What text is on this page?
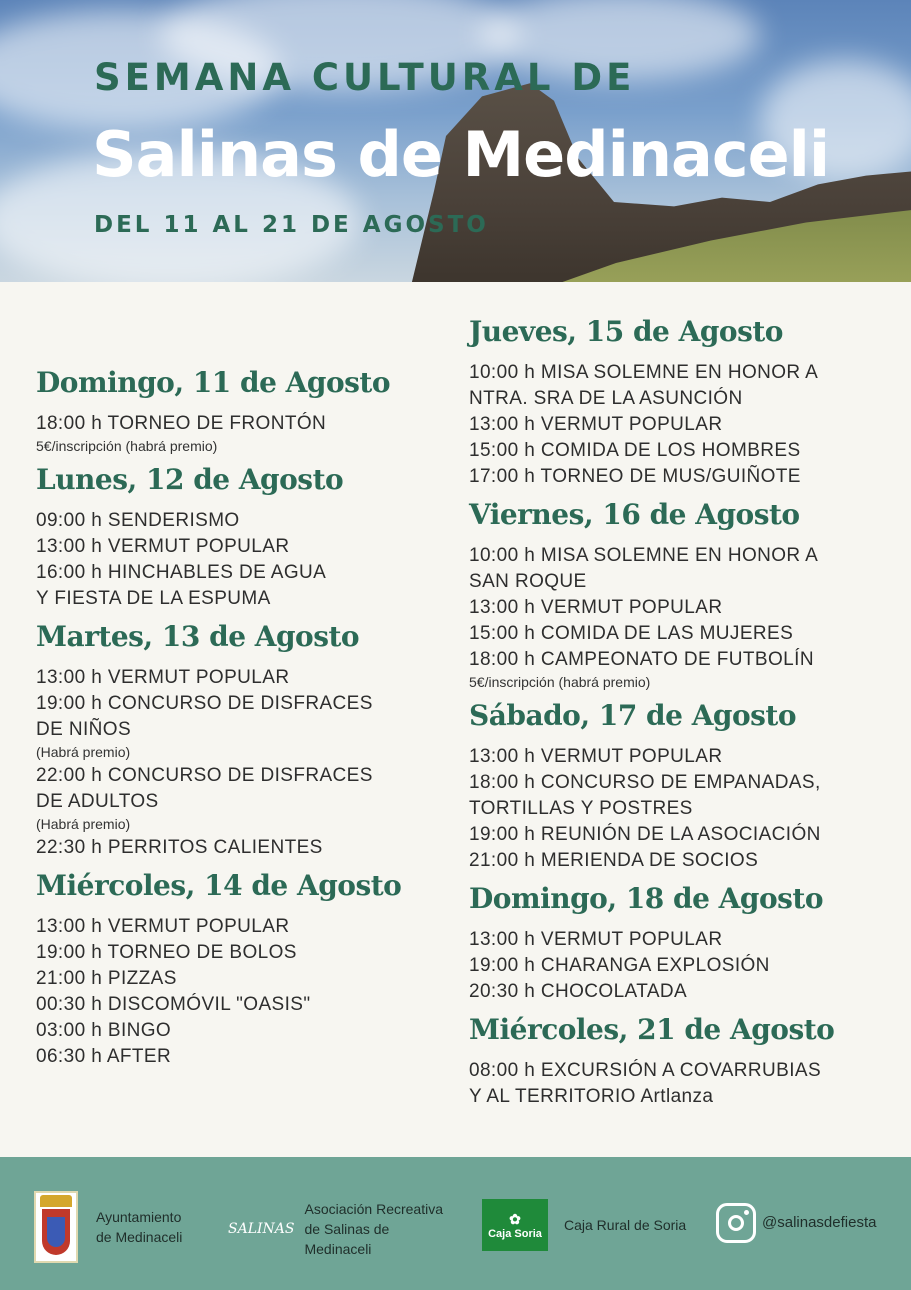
SEMANA CULTURAL DE
Salinas de Medinaceli
DEL 11 AL 21 DE AGOSTO
Domingo, 11 de Agosto
18:00 h TORNEO DE FRONTÓN
5€/inscripción (habrá premio)
Lunes, 12 de Agosto
09:00 h SENDERISMO
13:00 h VERMUT POPULAR
16:00 h HINCHABLES DE AGUA
Y FIESTA DE LA ESPUMA
Martes, 13 de Agosto
13:00 h VERMUT POPULAR
19:00 h CONCURSO DE DISFRACES
DE NIÑOS
(Habrá premio)
22:00 h CONCURSO DE DISFRACES
DE ADULTOS
(Habrá premio)
22:30 h PERRITOS CALIENTES
Miércoles, 14 de Agosto
13:00 h VERMUT POPULAR
19:00 h TORNEO DE BOLOS
21:00 h PIZZAS
00:30 h DISCOMÓVIL "OASIS"
03:00 h BINGO
06:30 h AFTER
Jueves, 15 de Agosto
10:00 h MISA SOLEMNE EN HONOR A
NTRA. SRA DE LA ASUNCIÓN
13:00 h VERMUT POPULAR
15:00 h COMIDA DE LOS HOMBRES
17:00 h TORNEO DE MUS/GUIÑOTE
Viernes, 16 de Agosto
10:00 h MISA SOLEMNE EN HONOR A
SAN ROQUE
13:00 h VERMUT POPULAR
15:00 h COMIDA DE LAS MUJERES
18:00 h CAMPEONATO DE FUTBOLÍN
5€/inscripción (habrá premio)
Sábado, 17 de Agosto
13:00 h VERMUT POPULAR
18:00 h CONCURSO DE EMPANADAS,
TORTILLAS Y POSTRES
19:00 h REUNIÓN DE LA ASOCIACIÓN
21:00 h MERIENDA DE SOCIOS
Domingo, 18 de Agosto
13:00 h VERMUT POPULAR
19:00 h CHARANGA EXPLOSIÓN
20:30 h CHOCOLATADA
Miércoles, 21 de Agosto
08:00 h EXCURSIÓN A COVARRUBIAS
Y AL TERRITORIO Artlanza
Ayuntamiento
de Medinaceli	SALINAS
Asociación Recreativa
de Salinas de
Medinaceli
✿
Caja Soria
Caja Rural de Soria	@salinasdefiesta
